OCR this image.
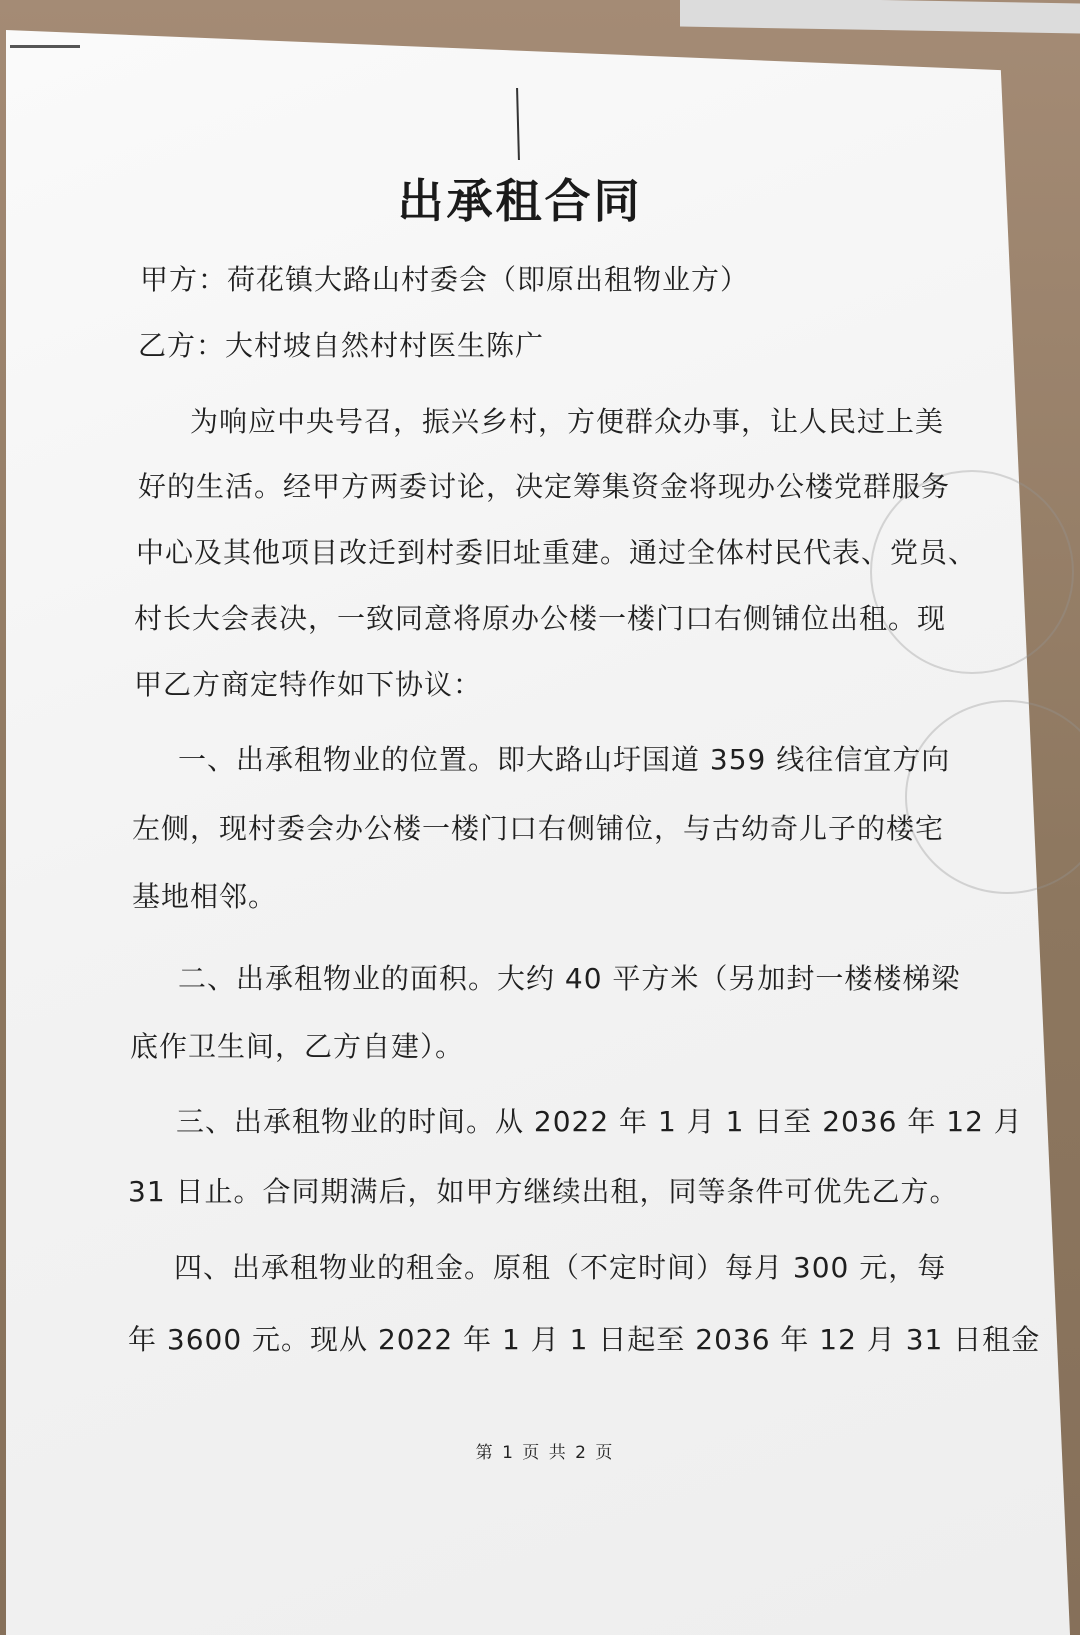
出承租合同
甲方：荷花镇大路山村委会（即原出租物业方）
乙方：大村坡自然村村医生陈广
为响应中央号召，振兴乡村，方便群众办事，让人民过上美
好的生活。经甲方两委讨论，决定筹集资金将现办公楼党群服务
中心及其他项目改迁到村委旧址重建。通过全体村民代表、党员、
村长大会表决，一致同意将原办公楼一楼门口右侧铺位出租。现
甲乙方商定特作如下协议：
一、出承租物业的位置。即大路山圩国道 359 线往信宜方向
左侧，现村委会办公楼一楼门口右侧铺位，与古幼奇儿子的楼宅
基地相邻。
二、出承租物业的面积。大约 40 平方米（另加封一楼楼梯梁
底作卫生间，乙方自建）。
三、出承租物业的时间。从 2022 年 1 月 1 日至 2036 年 12 月
31 日止。合同期满后，如甲方继续出租，同等条件可优先乙方。
四、出承租物业的租金。原租（不定时间）每月 300 元，每
年 3600 元。现从 2022 年 1 月 1 日起至 2036 年 12 月 31 日租金
第 1 页 共 2 页
